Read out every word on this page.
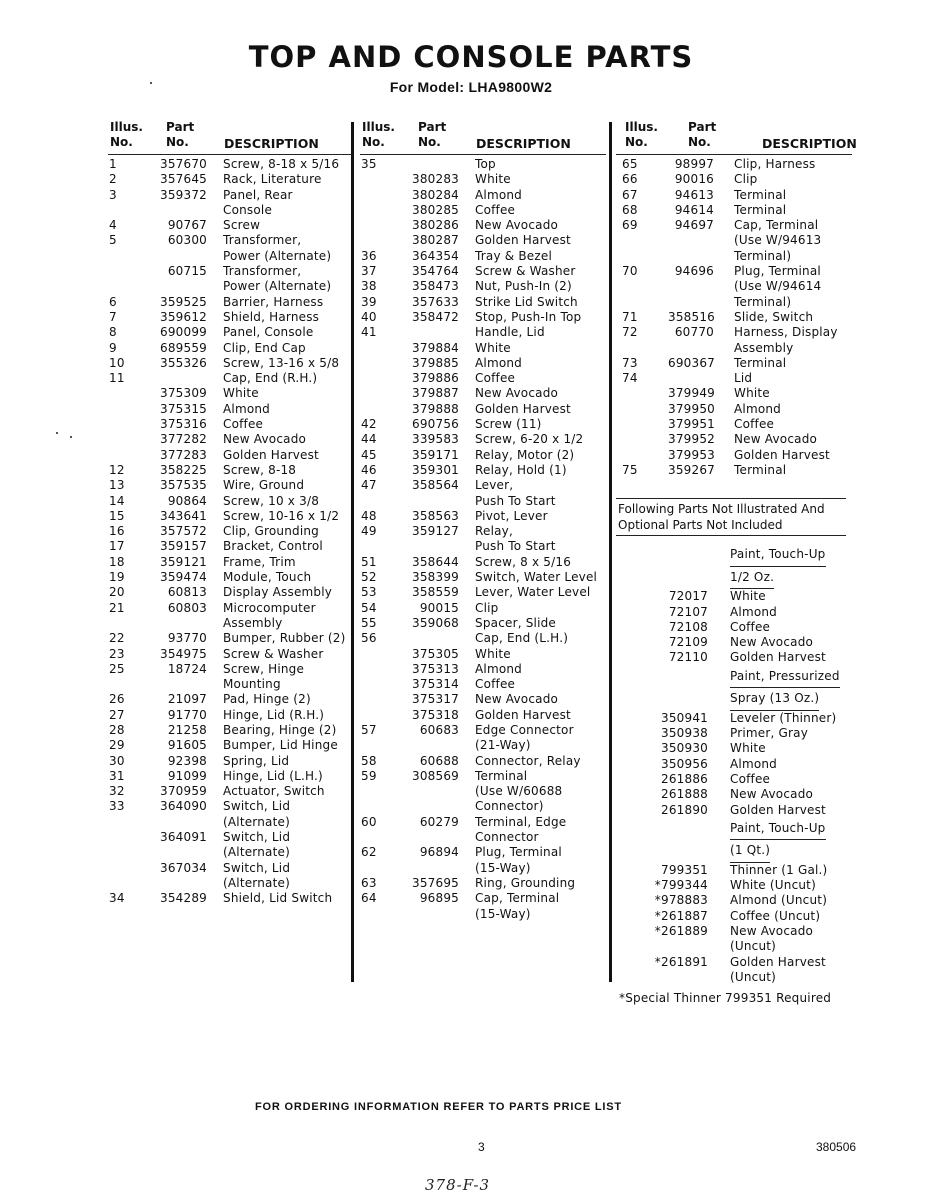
TOP AND CONSOLE PARTS
For Model: LHA9800W2
Illus.
No.
Part
No.	DESCRIPTION
1	357670	Screw, 8-18 x 5/16
2	357645	Rack, Literature
3	359372	Panel, Rear
Console
4	90767	Screw
5	60300	Transformer,
Power (Alternate)
60715	Transformer,
Power (Alternate)
6	359525	Barrier, Harness
7	359612	Shield, Harness
8	690099	Panel, Console
9	689559	Clip, End Cap
10	355326	Screw, 13-16 x 5/8
11	Cap, End (R.H.)
375309	White
375315	Almond
375316	Coffee
377282	New Avocado
377283	Golden Harvest
12	358225	Screw, 8-18
13	357535	Wire, Ground
14	90864	Screw, 10 x 3/8
15	343641	Screw, 10-16 x 1/2
16	357572	Clip, Grounding
17	359157	Bracket, Control
18	359121	Frame, Trim
19	359474	Module, Touch
20	60813	Display Assembly
21	60803	Microcomputer
Assembly
22	93770	Bumper, Rubber (2)
23	354975	Screw & Washer
25	18724	Screw, Hinge
Mounting
26	21097	Pad, Hinge (2)
27	91770	Hinge, Lid (R.H.)
28	21258	Bearing, Hinge (2)
29	91605	Bumper, Lid Hinge
30	92398	Spring, Lid
31	91099	Hinge, Lid (L.H.)
32	370959	Actuator, Switch
33	364090	Switch, Lid
(Alternate)
364091	Switch, Lid
(Alternate)
367034	Switch, Lid
(Alternate)
34	354289	Shield, Lid Switch
Illus.
No.
Part
No.	DESCRIPTION
35	Top
380283	White
380284	Almond
380285	Coffee
380286	New Avocado
380287	Golden Harvest
36	364354	Tray & Bezel
37	354764	Screw & Washer
38	358473	Nut, Push-In (2)
39	357633	Strike Lid Switch
40	358472	Stop, Push-In Top
41	Handle, Lid
379884	White
379885	Almond
379886	Coffee
379887	New Avocado
379888	Golden Harvest
42	690756	Screw (11)
44	339583	Screw, 6-20 x 1/2
45	359171	Relay, Motor (2)
46	359301	Relay, Hold (1)
47	358564	Lever,
Push To Start
48	358563	Pivot, Lever
49	359127	Relay,
Push To Start
51	358644	Screw, 8 x 5/16
52	358399	Switch, Water Level
53	358559	Lever, Water Level
54	90015	Clip
55	359068	Spacer, Slide
56	Cap, End (L.H.)
375305	White
375313	Almond
375314	Coffee
375317	New Avocado
375318	Golden Harvest
57	60683	Edge Connector
(21-Way)
58	60688	Connector, Relay
59	308569	Terminal
(Use W/60688
Connector)
60	60279	Terminal, Edge
Connector
62	96894	Plug, Terminal
(15-Way)
63	357695	Ring, Grounding
64	96895	Cap, Terminal
(15-Way)
Illus.
No.
Part
No.	DESCRIPTION
65	98997	Clip, Harness
66	90016	Clip
67	94613	Terminal
68	94614	Terminal
69	94697	Cap, Terminal
(Use W/94613
Terminal)
70	94696	Plug, Terminal
(Use W/94614
Terminal)
71	358516	Slide, Switch
72	60770	Harness, Display
Assembly
73	690367	Terminal
74	Lid
379949	White
379950	Almond
379951	Coffee
379952	New Avocado
379953	Golden Harvest
75	359267	Terminal
Following Parts Not Illustrated And
Optional Parts Not Included
Paint, Touch-Up
1/2 Oz.
72017	White
72107	Almond
72108	Coffee
72109	New Avocado
72110	Golden Harvest
Paint, Pressurized
Spray (13 Oz.)
350941	Leveler (Thinner)
350938	Primer, Gray
350930	White
350956	Almond
261886	Coffee
261888	New Avocado
261890	Golden Harvest
Paint, Touch-Up
(1 Qt.)
799351	Thinner (1 Gal.)
*799344	White (Uncut)
*978883	Almond (Uncut)
*261887	Coffee (Uncut)
*261889	New Avocado
(Uncut)
*261891	Golden Harvest
(Uncut)
*Special Thinner 799351 Required
FOR ORDERING INFORMATION REFER TO PARTS PRICE LIST
3	380506
378-F-3
